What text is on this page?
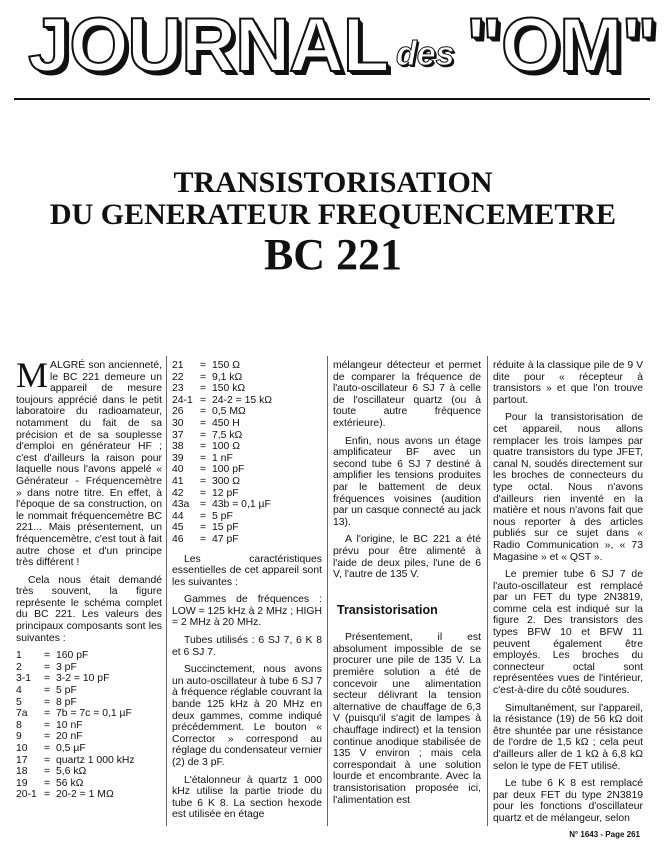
JOURNAL des "OM"
TRANSISTORISATION
DU GENERATEUR FREQUENCEMETRE
BC 221

MALGRÉ son ancienneté, le BC 221 demeure un appareil de mesure toujours apprécié dans le petit laboratoire du radioamateur, notamment du fait de sa précision et de sa souplesse d'emploi en générateur HF ; c'est d'ailleurs la raison pour laquelle nous l'avons appelé « Générateur - Fréquencemètre » dans notre titre. En effet, à l'époque de sa construction, on le nommait fréquencemètre BC 221... Mais présentement, un fréquencemètre, c'est tout à fait autre chose et d'un principe très différent !

Cela nous était demandé très souvent, la figure représente le schéma complet du BC 221. Les valeurs des principaux composants sont les suivantes :

1	=	160 pF
2	=	3 pF
3-1	=	3-2 = 10 pF
4	=	5 pF
5	=	8 pF
7a	=	7b = 7c = 0,1 µF
8	=	10 nF
9	=	20 nF
10	=	0,5 µF
17	=	quartz 1 000 kHz
18	=	5,6 kΩ
19	=	56 kΩ
20-1	=	20-2 = 1 MΩ
21	=	150 Ω
22	=	9,1 kΩ
23	=	150 kΩ
24-1	=	24-2 = 15 kΩ
26	=	0,5 MΩ
30	=	450 H
37	=	7,5 kΩ
38	=	100 Ω
39	=	1 nF
40	=	100 pF
41	=	300 Ω
42	=	12 pF
43a	=	43b = 0,1 µF
44	=	5 pF
45	=	15 pF
46	=	47 pF

Les caractéristiques essentielles de cet appareil sont les suivantes :

Gammes de fréquences : LOW = 125 kHz à 2 MHz ; HIGH = 2 MHz à 20 MHz.

Tubes utilisés : 6 SJ 7, 6 K 8 et 6 SJ 7.

Succinctement, nous avons un auto-oscillateur à tube 6 SJ 7 à fréquence réglable couvrant la bande 125 kHz à 20 MHz en deux gammes, comme indiqué précédemment. Le bouton « Corrector » correspond au réglage du condensateur vernier (2) de 3 pF.

L'étalonneur à quartz 1 000 kHz utilise la partie triode du tube 6 K 8. La section hexode est utilisée en étage

mélangeur détecteur et permet de comparer la fréquence de l'auto-oscillateur 6 SJ 7 à celle de l'oscillateur quartz (ou à toute autre fréquence extérieure).

Enfin, nous avons un étage amplificateur BF avec un second tube 6 SJ 7 destiné à amplifier les tensions produites par le battement de deux fréquences voisines (audition par un casque connecté au jack 13).

A l'origine, le BC 221 a été prévu pour être alimenté à l'aide de deux piles, l'une de 6 V, l'autre de 135 V.

Transistorisation

Présentement, il est absolument impossible de se procurer une pile de 135 V. La première solution a été de concevoir une alimentation secteur délivrant la tension alternative de chauffage de 6,3 V (puisqu'il s'agit de lampes à chauffage indirect) et la tension continue anodique stabilisée de 135 V environ ; mais cela correspondait à une solution lourde et encombrante. Avec la transistorisation proposée ici, l'alimentation est

réduite à la classique pile de 9 V dite pour « récepteur à transistors » et que l'on trouve partout.

Pour la transistorisation de cet appareil, nous allons remplacer les trois lampes par quatre transistors du type JFET, canal N, soudés directement sur les broches de connecteurs du type octal. Nous n'avons d'ailleurs rien inventé en la matière et nous n'avons fait que nous reporter à des articles publiés sur ce sujet dans « Radio Communication », « 73 Magasine » et « QST ».

Le premier tube 6 SJ 7 de l'auto-oscillateur est remplacé par un FET du type 2N3819, comme cela est indiqué sur la figure 2. Des transistors des types BFW 10 et BFW 11 peuvent également être employés. Les broches du connecteur octal sont représentées vues de l'intérieur, c'est-à-dire du côté soudures.

Simultanément, sur l'appareil, la résistance (19) de 56 kΩ doit être shuntée par une résistance de l'ordre de 1,5 kΩ ; cela peut d'ailleurs aller de 1 kΩ à 6,8 kΩ selon le type de FET utilisé.

Le tube 6 K 8 est remplacé par deux FET du type 2N3819 pour les fonctions d'oscillateur quartz et de mélangeur, selon

N° 1643 - Page 261
